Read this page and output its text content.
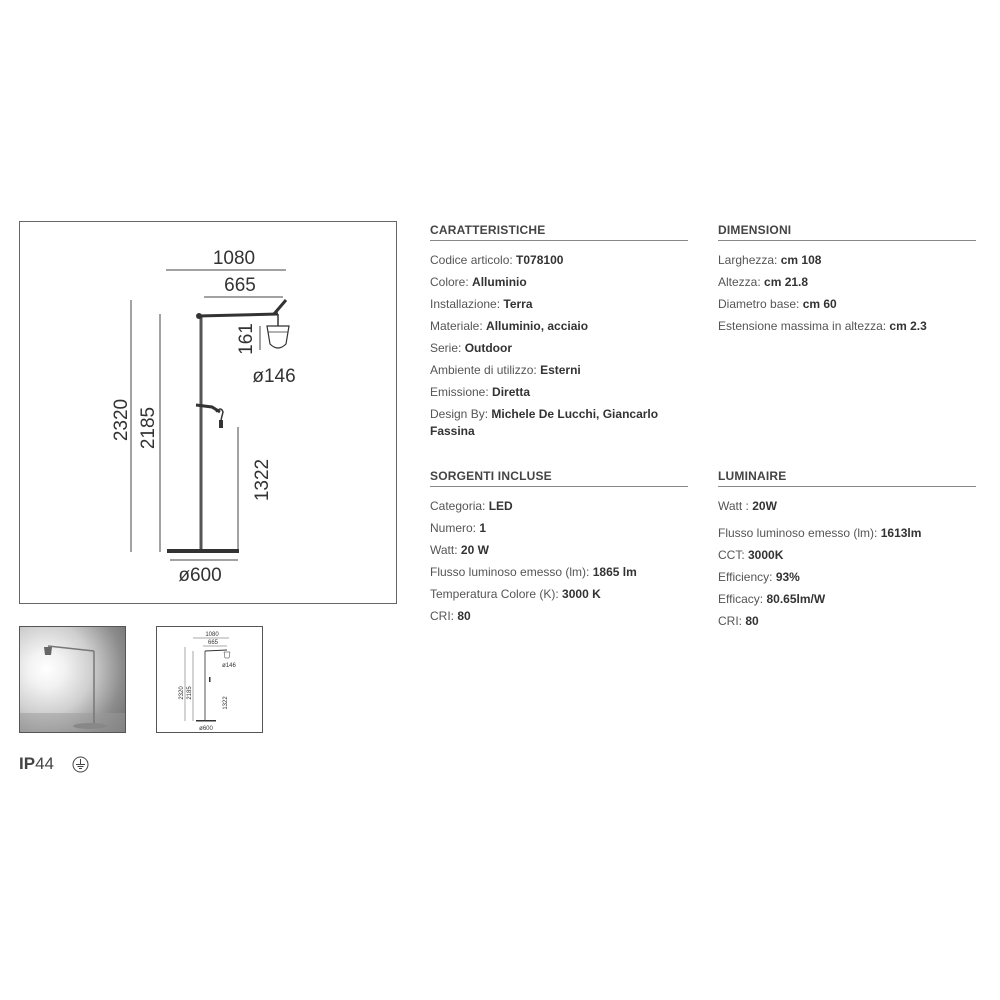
1080
665
2320 2185
1322
161
ø146
ø600
1080
665
ø146
2320 2185
1322
ø600
IP44
CARATTERISTICHE
Codice articolo: T078100
Colore: Alluminio
Installazione: Terra
Materiale: Alluminio, acciaio
Serie: Outdoor
Ambiente di utilizzo: Esterni
Emissione: Diretta
Design By: Michele De Lucchi, Giancarlo Fassina
DIMENSIONI
Larghezza: cm 108
Altezza: cm 21.8
Diametro base: cm 60
Estensione massima in altezza: cm 2.3
SORGENTI INCLUSE
Categoria: LED
Numero: 1
Watt: 20 W
Flusso luminoso emesso (lm): 1865 lm
Temperatura Colore (K): 3000 K
CRI: 80
LUMINAIRE
Watt : 20W
Flusso luminoso emesso (lm): 1613lm
CCT: 3000K
Efficiency: 93%
Efficacy: 80.65lm/W
CRI: 80
